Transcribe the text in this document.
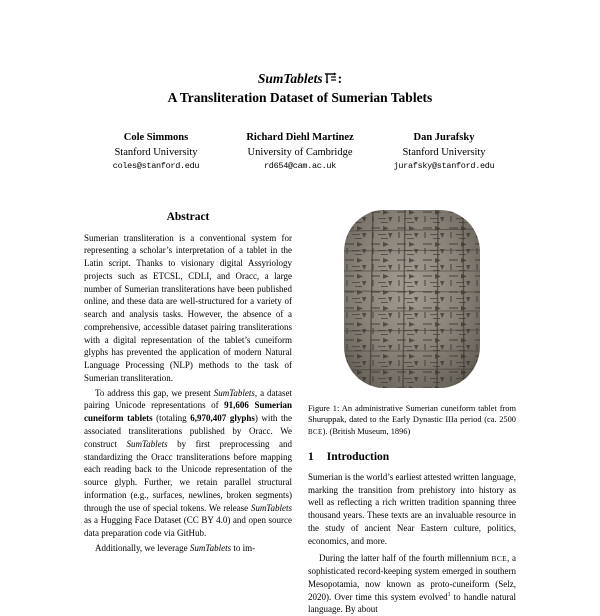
SumTablets :
A Transliteration Dataset of Sumerian Tablets
Cole Simmons
Stanford University
coles@stanford.edu
Richard Diehl Martinez
University of Cambridge
rd654@cam.ac.uk
Dan Jurafsky
Stanford University
jurafsky@stanford.edu
Abstract

Sumerian transliteration is a conventional system for representing a scholar’s interpretation of a tablet in the Latin script. Thanks to visionary digital Assyriology projects such as ETCSL, CDLI, and Oracc, a large number of Sumerian transliterations have been published online, and these data are well-structured for a variety of search and analysis tasks. However, the absence of a comprehensive, accessible dataset pairing transliterations with a digital representation of the tablet’s cuneiform glyphs has prevented the application of modern Natural Language Processing (NLP) methods to the task of Sumerian transliteration.

To address this gap, we present SumTablets, a dataset pairing Unicode representations of 91,606 Sumerian cuneiform tablets (totaling 6,970,407 glyphs) with the associated transliterations published by Oracc. We construct SumTablets by first preprocessing and standardizing the Oracc transliterations before mapping each reading back to the Unicode representation of the source glyph. Further, we retain parallel structural information (e.g., surfaces, newlines, broken segments) through the use of special tokens. We release SumTablets as a Hugging Face Dataset (CC BY 4.0) and open source data preparation code via GitHub.

Additionally, we leverage SumTablets to im-

Figure 1: An administrative Sumerian cuneiform tablet from Shuruppak, dated to the Early Dynastic IIIa period (ca. 2500 BCE). (British Museum, 1896)
1 Introduction

Sumerian is the world’s earliest attested written language, marking the transition from prehistory into history as well as reflecting a rich written tradition spanning three thousand years. These texts are an invaluable resource in the study of ancient Near Eastern culture, politics, economics, and more.

During the latter half of the fourth millennium BCE, a sophisticated record-keeping system emerged in southern Mesopotamia, now known as proto-cuneiform (Selz, 2020). Over time this system evolved$^1$ to handle natural language. By about
